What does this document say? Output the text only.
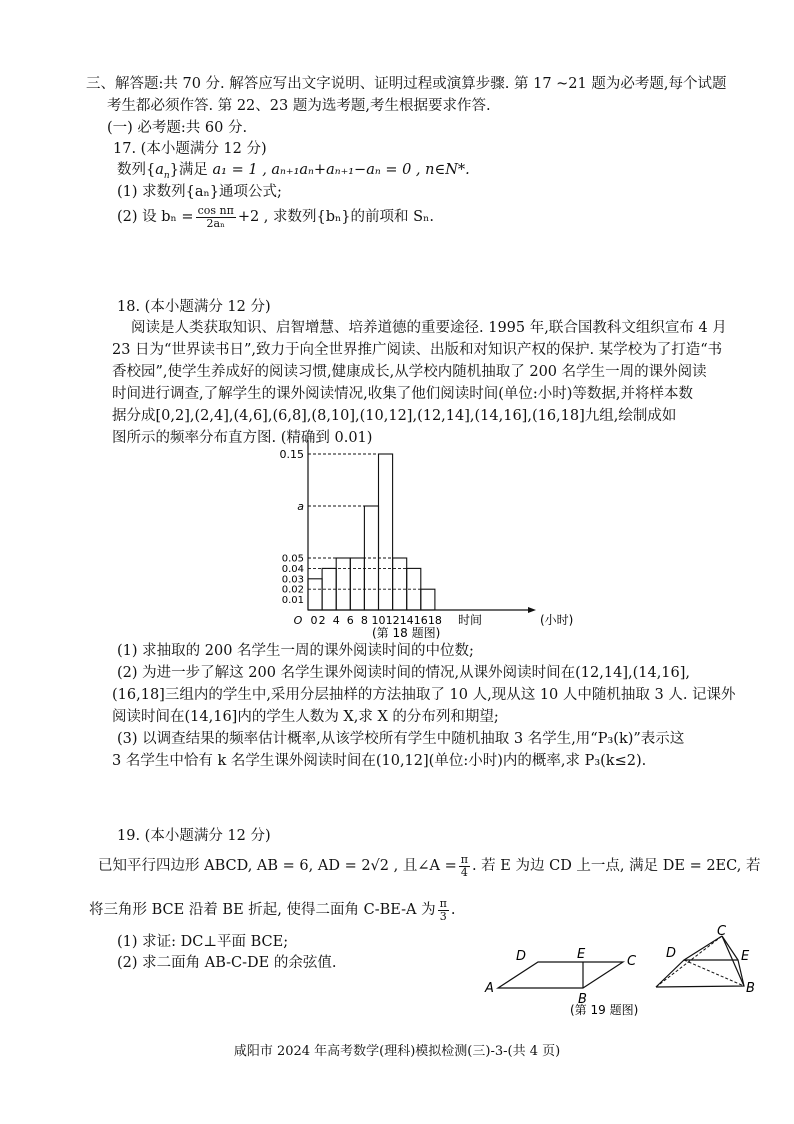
三、解答题:共 70 分. 解答应写出文字说明、证明过程或演算步骤. 第 17 ~21 题为必考题,每个试题
考生都必须作答. 第 22、23 题为选考题,考生根据要求作答.
(一) 必考题:共 60 分.
17. (本小题满分 12 分)
数列$\{a_n\}$满足 a₁ = 1 , aₙ₊₁aₙ+aₙ₊₁−aₙ = 0 , n∈N*.
(1) 求数列{aₙ}通项公式;
(2) 设 $b_n = \frac{\text{cos nπ}}{\text{2aₙ}} +2$ , 求数列{bₙ}的前项和 Sₙ.
18. (本小题满分 12 分)
阅读是人类获取知识、启智增慧、培养道德的重要途径. 1995 年,联合国教科文组织宣布 4 月
23 日为“世界读书日”,致力于向全世界推广阅读、出版和对知识产权的保护. 某学校为了打造“书
香校园”,使学生养成好的阅读习惯,健康成长,从学校内随机抽取了 200 名学生一周的课外阅读
时间进行调查,了解学生的课外阅读情况,收集了他们阅读时间(单位:小时)等数据,并将样本数
据分成[0,2],(2,4],(4,6],(6,8],(8,10],(10,12],(12,14],(14,16],(16,18]九组,绘制成如
图所示的频率分布直方图. (精确到 0.01)
0.01
0.02
0.03
0.04
0.05
a
0.15
0 2 4 6 8 10 12 14 16 18
O	时间	(小时)
(第 18 题图)
(1) 求抽取的 200 名学生一周的课外阅读时间的中位数;
(2) 为进一步了解这 200 名学生课外阅读时间的情况,从课外阅读时间在(12,14],(14,16],
(16,18]三组内的学生中,采用分层抽样的方法抽取了 10 人,现从这 10 人中随机抽取 3 人. 记课外
阅读时间在(14,16]内的学生人数为 X,求 X 的分布列和期望;
(3) 以调查结果的频率估计概率,从该学校所有学生中随机抽取 3 名学生,用“P₃(k)”表示这
3 名学生中恰有 k 名学生课外阅读时间在(10,12](单位:小时)内的概率,求 P₃(k≤2).
19. (本小题满分 12 分)
已知平行四边形 ABCD, AB = 6, AD = 2√2 , 且∠A = $\frac{\pi}{4}$ . 若 E 为边 CD 上一点, 满足 DE = 2EC, 若
将三角形 BCE 沿着 BE 折起, 使得二面角 C-BE-A 为 $\frac{\pi}{3}$ .
(1) 求证: DC⊥平面 BCE;
(2) 求二面角 AB-C-DE 的余弦值.
A
B
C
D	E	D
C
E
B
(第 19 题图)
咸阳市 2024 年高考数学(理科)模拟检测(三)-3-(共 4 页)
